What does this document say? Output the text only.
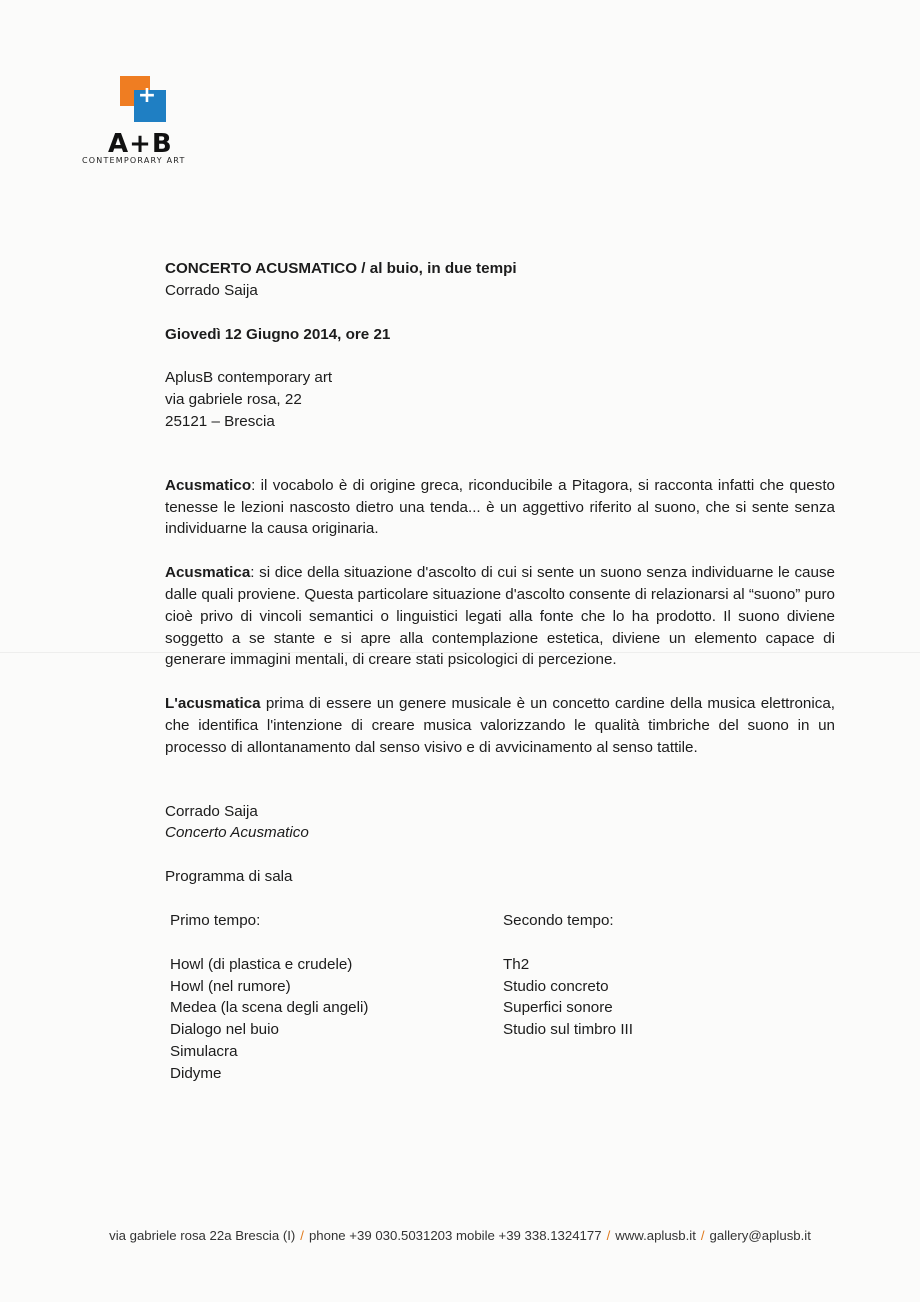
+
A+B
CONTEMPORARY ART

CONCERTO ACUSMATICO / al buio, in due tempi

Corrado Saija

Giovedì 12 Giugno 2014, ore 21

AplusB contemporary art

via gabriele rosa, 22

25121 – Brescia

Acusmatico: il vocabolo è di origine greca, riconducibile a Pitagora, si racconta infatti che questo tenesse le lezioni nascosto dietro una tenda... è un aggettivo riferito al suono, che si sente senza individuarne la causa originaria.

Acusmatica: si dice della situazione d'ascolto di cui si sente un suono senza individuarne le cause dalle quali proviene. Questa particolare situazione d'ascolto consente di relazionarsi al “suono” puro cioè privo di vincoli semantici o linguistici legati alla fonte che lo ha prodotto. Il suono diviene soggetto a se stante e si apre alla contemplazione estetica, diviene un elemento capace di generare immagini mentali, di creare stati psicologici di percezione.

L'acusmatica prima di essere un genere musicale è un concetto cardine della musica elettronica, che identifica l'intenzione di creare musica valorizzando le qualità timbriche del suono in un processo di allontanamento dal senso visivo e di avvicinamento al senso tattile.

Corrado Saija

Concerto Acusmatico

Programma di sala

Primo tempo:
Howl (di plastica e crudele)
Howl (nel rumore)
Medea (la scena degli angeli)
Dialogo nel buio
Simulacra
Didyme
Secondo tempo:
Th2
Studio concreto
Superfici sonore
Studio sul timbro III
via gabriele rosa 22a Brescia (I) / phone +39 030.5031203 mobile +39 338.1324177 / www.aplusb.it / gallery@aplusb.it
